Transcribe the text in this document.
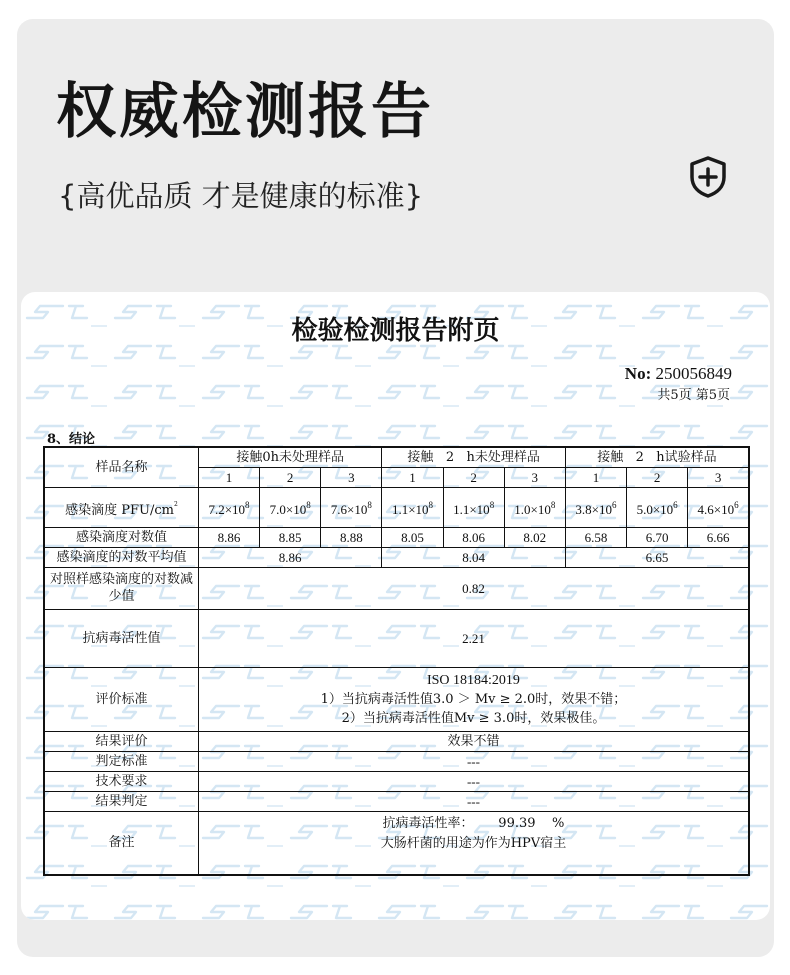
权威检测报告
{高优品质 才是健康的标准}
检验检测报告附页
No: 250056849
共5页 第5页
8、结论
样品名称	接触0h未处理样品			接触   2   h未处理样品			接触   2   h试验样品		
	1	2	3	1	2	3	1	2	3
感染滴度 PFU/$cm^2$	$7.2\times 10^8$	$7.0\times 10^8$	$7.6\times 10^8$	$1.1\times 10^8$	$1.1\times 10^8$	$1.0\times 10^8$	$3.8\times 10^6$	$5.0\times 10^6$	$4.6\times 10^6$
感染滴度对数值	8.86	8.85	8.88	8.05	8.06	8.02	6.58	6.70	6.66
感染滴度的对数平均值	8.86			8.04			6.65		
对照样感染滴度的对数减少值	0.82								
抗病毒活性值	2.21								
评价标准	ISO 18184:2019
1）当抗病毒活性值3.0 ＞ Mv ≥ 2.0时，效果不错；
2）当抗病毒活性值Mv ≥ 3.0时，效果极佳。								

结果评价	效果不错								
判定标准	---								
技术要求	---								
结果判定	---								
备注	抗病毒活性率：      99.39    %
大肠杆菌的用途为作为HPV宿主								
